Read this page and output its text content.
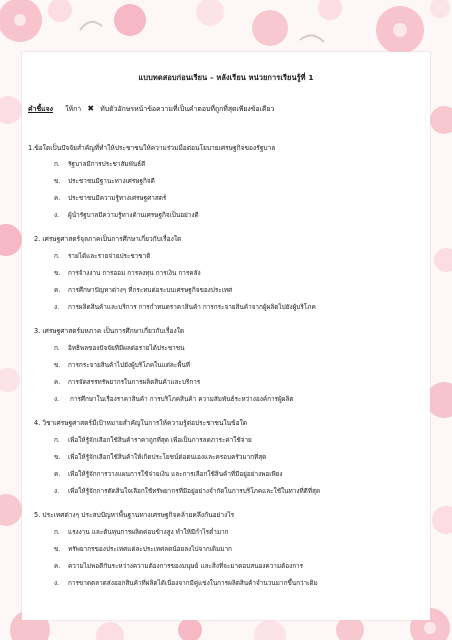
แบบทดสอบก่อนเรียน – หลังเรียน หน่วยการเรียนรู้ที่ 1
คำชี้แจง ให้กา ✖ ทับตัวอักษรหน้าข้อความที่เป็นคำตอบที่ถูกที่สุดเพียงข้อเดียว
1.ข้อใดเป็นปัจจัยสำคัญที่ทำให้ประชาชนให้ความร่วมมือต่อนโยบายเศรษฐกิจของรัฐบาล
ก. รัฐบาลมีการประชาสัมพันธ์ดี
ข. ประชาชนมีฐานะทางเศรษฐกิจดี
ค. ประชาชนมีความรู้ทางเศรษฐศาสตร์
ง. ผู้นำรัฐบาลมีความรู้ทางด้านเศรษฐกิจเป็นอย่างดี
2. เศรษฐศาสตร์จุลภาคเป็นการศึกษาเกี่ยวกับเรื่องใด
ก. รายได้และรายจ่ายประชาชาติ
ข. การจ้างงาน การออม การลงทุน การเงิน การคลัง
ค. การศึกษาปัญหาต่างๆ ที่กระทบต่อระบบเศรษฐกิจของประเทศ
ง. การผลิตสินค้าและบริการ การกำหนดราคาสินค้า การกระจายสินค้าจากผู้ผลิตไปยังผู้บริโภค
3. เศรษฐศาสตร์มหภาค เป็นการศึกษาเกี่ยวกับเรื่องใด
ก. อิทธิพลของปัจจัยที่มีผลต่อรายได้ประชาชน
ข. การกระจายสินค้าไปยังผู้บริโภคในแต่ละพื้นที่
ค. การจัดสรรทรัพยากรในการผลิตสินค้าและบริการ
ง. การศึกษาในเรื่องราคาสินค้า การบริโภคสินค้า ความสัมพันธ์ระหว่างองค์การผู้ผลิต
4. วิชาเศรษฐศาสตร์มีเป้าหมายสำคัญในการให้ความรู้ต่อประชาชนในข้อใด
ก. เพื่อให้รู้จักเลือกใช้สินค้าราคาถูกที่สุด เพื่อเป็นการลดภาระค่าใช้จ่าย
ข. เพื่อให้รู้จักเลือกใช้สินค้าให้เกิดประโยชน์ต่อตนเองและครอบครัวมากที่สุด
ค. เพื่อให้รู้จักการวางแผนการใช้จ่ายเงิน และการเลือกใช้สินค้าที่มีอยู่อย่างพอเพียง
ง. เพื่อให้รู้จักการตัดสินใจเลือกใช้ทรัพยากรที่มีอยู่อย่างจำกัดในการบริโภคและใช้ในทางที่ดีที่สุด
5. ประเทศต่างๆ ประสบปัญหาพื้นฐานทางเศรษฐกิจคล้ายคลึงกันอย่างไร
ก. แรงงาน และต้นทุนการผลิตค่อนข้างสูง ทำให้มีกำไรต่ำมาก
ข. ทรัพยากรของประเทศแต่ละประเทศลดน้อยลงไปจากเดิมมาก
ค. ความไม่พอดีกันระหว่างความต้องการของมนุษย์ และสิ่งที่จะมาตอบสนองความต้องการ
ง. การขาดตลาดส่งออกสินค้าที่ผลิตได้เนื่องจากมีคู่แข่งในการผลิตสินค้าจำนวนมากขึ้นกว่าเดิม
